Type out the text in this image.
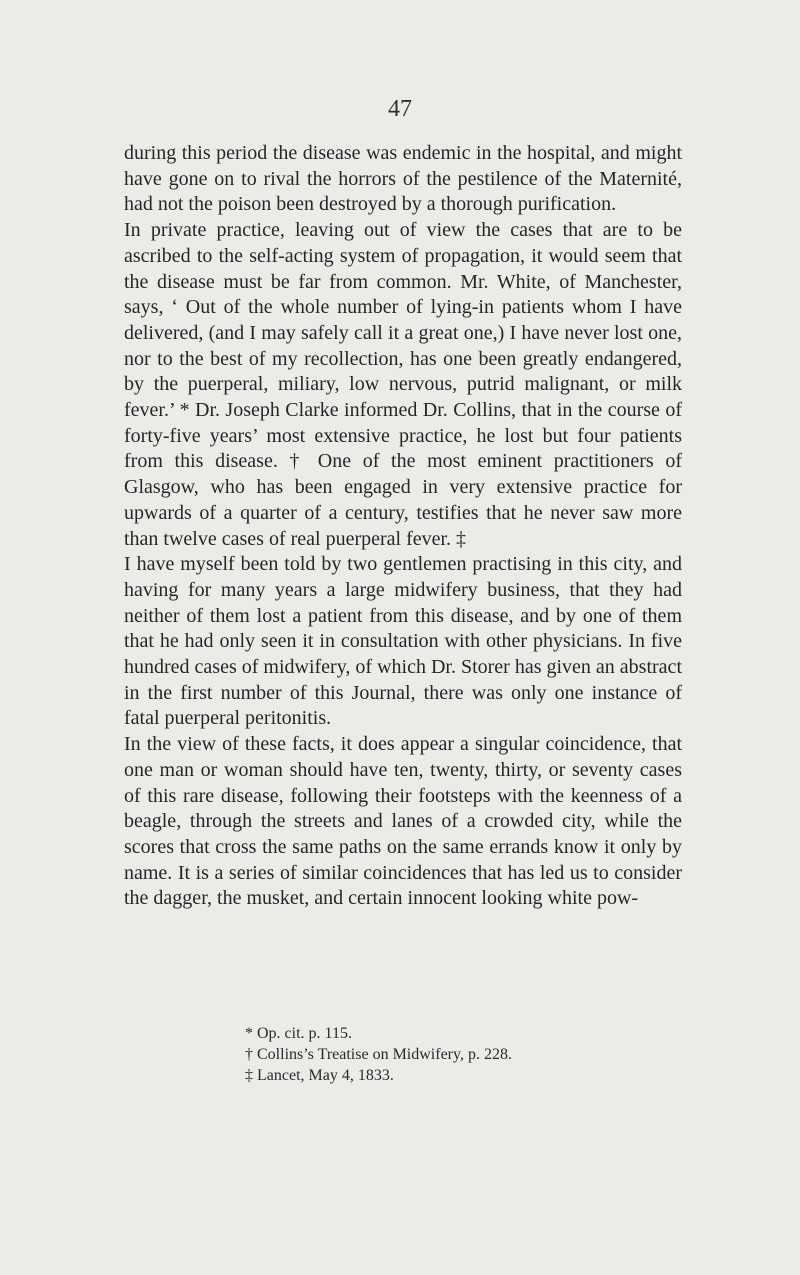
47

during this period the disease was endemic in the hospital, and might have gone on to rival the horrors of the pestilence of the Maternité, had not the poison been destroyed by a thorough purification.

In private practice, leaving out of view the cases that are to be ascribed to the self-acting system of propagation, it would seem that the disease must be far from common. Mr. White, of Manchester, says, ‘ Out of the whole number of lying-in patients whom I have delivered, (and I may safely call it a great one,) I have never lost one, nor to the best of my recollection, has one been greatly endangered, by the puerperal, miliary, low nervous, putrid malignant, or milk fever.’ * Dr. Joseph Clarke informed Dr. Collins, that in the course of forty-five years’ most extensive practice, he lost but four patients from this disease. † One of the most eminent practitioners of Glasgow, who has been engaged in very extensive practice for upwards of a quarter of a century, testifies that he never saw more than twelve cases of real puerperal fever. ‡

I have myself been told by two gentlemen practising in this city, and having for many years a large midwifery business, that they had neither of them lost a patient from this disease, and by one of them that he had only seen it in consultation with other physicians. In five hundred cases of midwifery, of which Dr. Storer has given an abstract in the first number of this Journal, there was only one instance of fatal puerperal peritonitis.

In the view of these facts, it does appear a singular coincidence, that one man or woman should have ten, twenty, thirty, or seventy cases of this rare disease, following their footsteps with the keenness of a beagle, through the streets and lanes of a crowded city, while the scores that cross the same paths on the same errands know it only by name. It is a series of similar coincidences that has led us to consider the dagger, the musket, and certain innocent looking white pow-

* Op. cit. p. 115.

† Collins’s Treatise on Midwifery, p. 228.

‡ Lancet, May 4, 1833.
